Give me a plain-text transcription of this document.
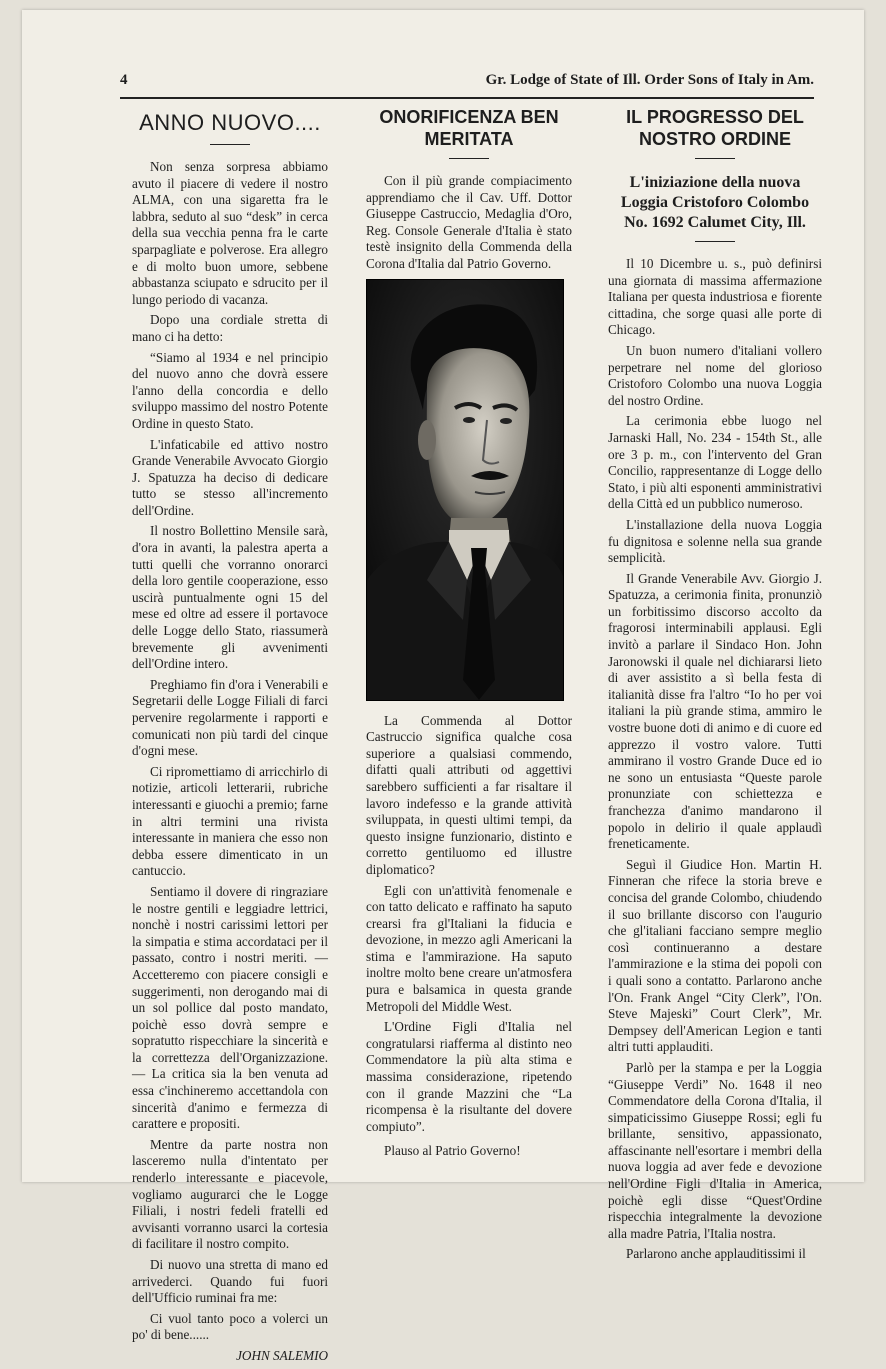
4	Gr. Lodge of State of Ill. Order Sons of Italy in Am.
ANNO NUOVO....

Non senza sorpresa abbiamo avuto il piacere di vedere il nostro ALMA, con una sigaretta fra le labbra, seduto al suo “desk” in cerca della sua vecchia penna fra le carte sparpagliate e polverose. Era allegro e di molto buon umore, sebbene abbastanza sciupato e sdrucito per il lungo periodo di vacanza.

Dopo una cordiale stretta di mano ci ha detto:

“Siamo al 1934 e nel principio del nuovo anno che dovrà essere l'anno della concordia e dello sviluppo massimo del nostro Potente Ordine in questo Stato.

L'infaticabile ed attivo nostro Grande Venerabile Avvocato Giorgio J. Spatuzza ha deciso di dedicare tutto se stesso all'incremento dell'Ordine.

Il nostro Bollettino Mensile sarà, d'ora in avanti, la palestra aperta a tutti quelli che vorranno onorarci della loro gentile cooperazione, esso uscirà puntualmente ogni 15 del mese ed oltre ad essere il portavoce delle Logge dello Stato, riassumerà brevemente gli avvenimenti dell'Ordine intero.

Preghiamo fin d'ora i Venerabili e Segretarii delle Logge Filiali di farci pervenire regolarmente i rapporti e comunicati non più tardi del cinque d'ogni mese.

Ci ripromettiamo di arricchirlo di notizie, articoli letterarii, rubriche interessanti e giuochi a premio; farne in altri termini una rivista interessante in maniera che esso non debba essere dimenticato in un cantuccio.

Sentiamo il dovere di ringraziare le nostre gentili e leggiadre lettrici, nonchè i nostri carissimi lettori per la simpatia e stima accordataci per il passato, contro i nostri meriti. — Accetteremo con piacere consigli e suggerimenti, non derogando mai di un sol pollice dal posto mandato, poichè esso dovrà sempre e sopratutto rispecchiare la sincerità e la correttezza dell'Organizzazione. — La critica sia la ben venuta ad essa c'inchineremo accettandola con sincerità d'animo e fermezza di carattere e propositi.

Mentre da parte nostra non lasceremo nulla d'intentato per renderlo interessante e piacevole, vogliamo augurarci che le Logge Filiali, i nostri fedeli fratelli ed avvisanti vorranno usarci la cortesia di facilitare il nostro compito.

Di nuovo una stretta di mano ed arrivederci. Quando fui fuori dell'Ufficio ruminai fra me:

Ci vuol tanto poco a volerci un po' di bene......

JOHN SALEMIO

ONORIFICENZA BEN MERITATA

Con il più grande compiacimento apprendiamo che il Cav. Uff. Dottor Giuseppe Castruccio, Medaglia d'Oro, Reg. Console Generale d'Italia è stato testè insignito della Commenda della Corona d'Italia dal Patrio Governo.

La Commenda al Dottor Castruccio significa qualche cosa superiore a qualsiasi commendo, difatti quali attributi od aggettivi sarebbero sufficienti a far risaltare il lavoro indefesso e la grande attività sviluppata, in questi ultimi tempi, da questo insigne funzionario, distinto e corretto gentiluomo ed illustre diplomatico?

Egli con un'attività fenomenale e con tatto delicato e raffinato ha saputo crearsi fra gl'Italiani la fiducia e devozione, in mezzo agli Americani la stima e l'ammirazione. Ha saputo inoltre molto bene creare un'atmosfera pura e balsamica in questa grande Metropoli del Middle West.

L'Ordine Figli d'Italia nel congratularsi riafferma al distinto neo Commendatore la più alta stima e massima considerazione, ripetendo con il grande Mazzini che “La ricompensa è la risultante del dovere compiuto”.

Plauso al Patrio Governo!

IL PROGRESSO DEL NOSTRO ORDINE
L'iniziazione della nuova Loggia Cristoforo Colombo No. 1692 Calumet City, Ill.

Il 10 Dicembre u. s., può definirsi una giornata di massima affermazione Italiana per questa industriosa e fiorente cittadina, che sorge quasi alle porte di Chicago.

Un buon numero d'italiani vollero perpetrare nel nome del glorioso Cristoforo Colombo una nuova Loggia del nostro Ordine.

La cerimonia ebbe luogo nel Jarnaski Hall, No. 234 - 154th St., alle ore 3 p. m., con l'intervento del Gran Concilio, rappresentanze di Logge dello Stato, i più alti esponenti amministrativi della Città ed un pubblico numeroso.

L'installazione della nuova Loggia fu dignitosa e solenne nella sua grande semplicità.

Il Grande Venerabile Avv. Giorgio J. Spatuzza, a cerimonia finita, pronunziò un forbitissimo discorso accolto da fragorosi interminabili applausi. Egli invitò a parlare il Sindaco Hon. John Jaronowski il quale nel dichiararsi lieto di aver assistito a sì bella festa di italianità disse fra l'altro “Io ho per voi italiani la più grande stima, ammiro le vostre buone doti di animo e di cuore ed apprezzo il vostro valore. Tutti ammirano il vostro Grande Duce ed io ne sono un entusiasta “Queste parole pronunziate con schiettezza e franchezza d'animo mandarono il popolo in delirio il quale applaudì freneticamente.

Seguì il Giudice Hon. Martin H. Finneran che rifece la storia breve e concisa del grande Colombo, chiudendo il suo brillante discorso con l'augurio che gl'italiani facciano sempre meglio così continueranno a destare l'ammirazione e la stima dei popoli con i quali sono a contatto. Parlarono anche l'On. Frank Angel “City Clerk”, l'On. Steve Majeski” Court Clerk”, Mr. Dempsey dell'American Legion e tanti altri tutti applauditi.

Parlò per la stampa e per la Loggia “Giuseppe Verdi” No. 1648 il neo Commendatore della Corona d'Italia, il simpaticissimo Giuseppe Rossi; egli fu brillante, sensitivo, appassionato, affascinante nell'esortare i membri della nuova loggia ad aver fede e devozione nell'Ordine Figli d'Italia in America, poichè egli disse “Quest'Ordine rispecchia integralmente la devozione alla madre Patria, l'Italia nostra.

Parlarono anche applauditissimi il
